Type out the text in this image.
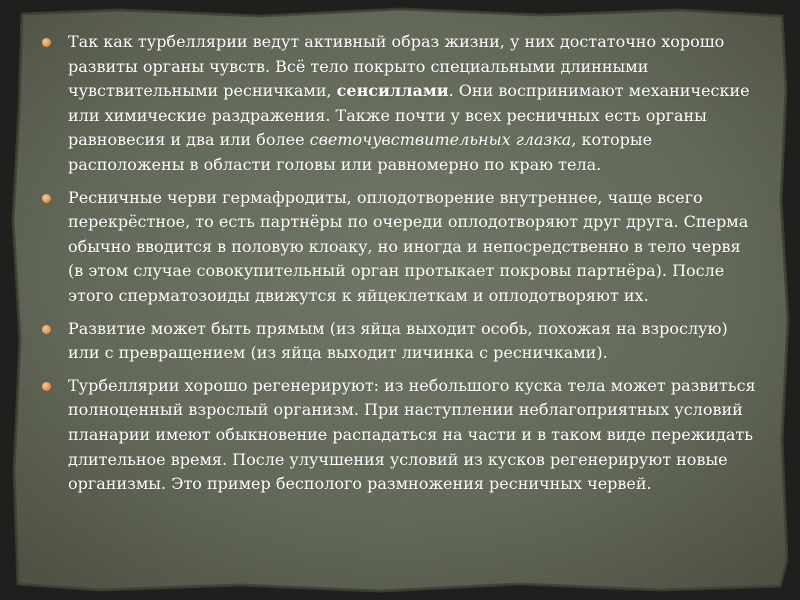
Так как турбеллярии ведут активный образ жизни, у них достаточно хорошо развиты органы чувств. Всё тело покрыто специальными длинными чувствительными ресничками, сенсиллами. Они воспринимают механические или химические раздражения. Также почти у всех ресничных есть органы равновесия и два или более светочувствительных глазка, которые расположены в области головы или равномерно по краю тела.
Ресничные черви гермафродиты, оплодотворение внутреннее, чаще всего перекрёстное, то есть партнёры по очереди оплодотворяют друг друга. Сперма обычно вводится в половую клоаку, но иногда и непосредственно в тело червя (в этом случае совокупительный орган протыкает покровы партнёра). После этого сперматозоиды движутся к яйцеклеткам и оплодотворяют их.
Развитие может быть прямым (из яйца выходит особь, похожая на взрослую) или с превращением (из яйца выходит личинка с ресничками).
Турбеллярии хорошо регенерируют: из небольшого куска тела может развиться полноценный взрослый организм. При наступлении неблагоприятных условий планарии имеют обыкновение распадаться на части и в таком виде пережидать длительное время. После улучшения условий из кусков регенерируют новые организмы. Это пример бесполого размножения ресничных червей.
